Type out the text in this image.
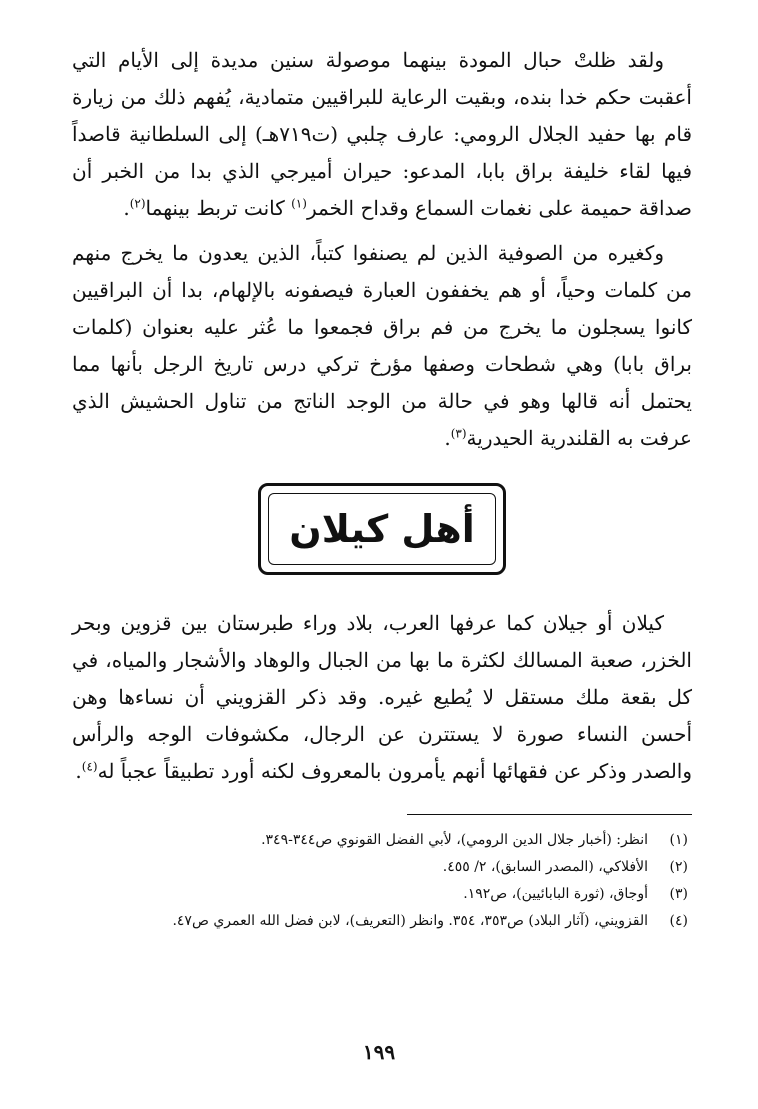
ولقد ظلتْ حبال المودة بينهما موصولة سنين مديدة إلى الأيام التي أعقبت حكم خدا بنده، وبقيت الرعاية للبراقيين متمادية، يُفهم ذلك من زيارة قام بها حفيد الجلال الرومي: عارف چلبي (ت٧١٩هـ) إلى السلطانية قاصداً فيها لقاء خليفة براق بابا، المدعو: حيران أميرجي الذي بدا من الخبر أن صداقة حميمة على نغمات السماع وقداح الخمر$^{(١)}$ كانت تربط بينهما$^{(٢)}$.

وكغيره من الصوفية الذين لم يصنفوا كتباً، الذين يعدون ما يخرج منهم من كلمات وحياً، أو هم يخففون العبارة فيصفونه بالإلهام، بدا أن البراقيين كانوا يسجلون ما يخرج من فم براق فجمعوا ما عُثر عليه بعنوان (كلمات براق بابا) وهي شطحات وصفها مؤرخ تركي درس تاريخ الرجل بأنها مما يحتمل أنه قالها وهو في حالة من الوجد الناتج من تناول الحشيش الذي عرفت به القلندرية الحيدرية$^{(٣)}$.

أهل كيلان

كيلان أو جيلان كما عرفها العرب، بلاد وراء طبرستان بين قزوين وبحر الخزر، صعبة المسالك لكثرة ما بها من الجبال والوهاد والأشجار والمياه، في كل بقعة ملك مستقل لا يُطيع غيره. وقد ذكر القزويني أن نساءها وهن أحسن النساء صورة لا يستترن عن الرجال، مكشوفات الوجه والرأس والصدر وذكر عن فقهائها أنهم يأمرون بالمعروف لكنه أورد تطبيقاً عجباً له$^{(٤)}$.

(١)
انظر: (أخبار جلال الدين الرومي)، لأبي الفضل القونوي ص٣٤٤-٣٤٩.
(٢)
الأفلاكي، (المصدر السابق)، ٢/ ٤٥٥.
(٣)
أوجاق، (ثورة البابائيين)، ص١٩٢.
(٤)
القزويني، (آثار البلاد) ص٣٥٣، ٣٥٤. وانظر (التعريف)، لابن فضل الله العمري ص٤٧.
١٩٩
